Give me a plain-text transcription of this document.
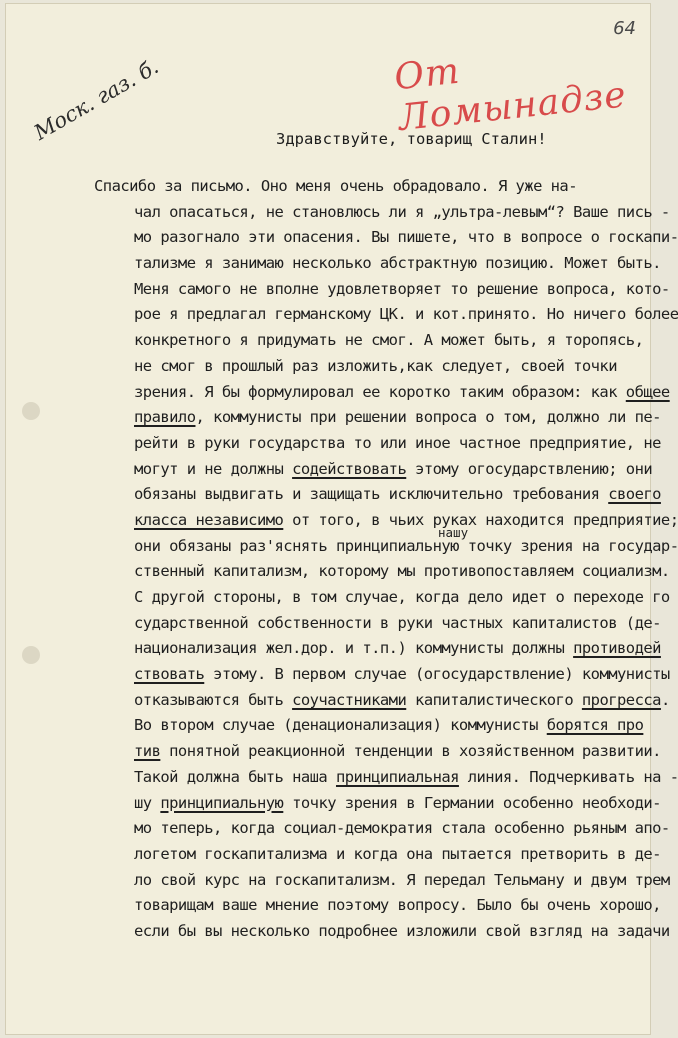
64
От Ломынадзе
Моск. газ. б.	Здравствуйте, товарищ Сталин!
нашу
Спасибо за письмо. Оно меня очень обрадовало. Я уже на-
чал опасаться, не становлюсь ли я „ультра-левым“? Ваше пись -
мо разогнало эти опасения. Вы пишете, что в вопросе о госкапи-
тализме я занимаю несколько абстрактную позицию. Может быть.
Меня самого не вполне удовлетворяет то решение вопроса, кото-
рое я предлагал германскому ЦК. и кот.принято. Но ничего более
конкретного я придумать не смог. А может быть, я торопясь,
не смог в прошлый раз изложить,как следует, своей точки
зрения. Я бы формулировал ее коротко таким образом: как общее
правило, коммунисты при решении вопроса о том, должно ли пе-
рейти в руки государства то или иное частное предприятие, не
могут и не должны содействовать этому огосударствлению; они
обязаны выдвигать и защищать исключительно требования своего
класса независимо от того, в чьих руках находится предприятие;
они обязаны раз'яснять принципиальную точку зрения на государ-
ственный капитализм, которому мы противопоставляем социализм.
С другой стороны, в том случае, когда дело идет о переходе го
сударственной собственности в руки частных капиталистов (де-
национализация жел.дор. и т.п.) коммунисты должны противодей
ствовать этому. В первом случае (огосударствление) коммунисты
отказываются быть соучастниками капиталистического прогресса.
Во втором случае (денационализация) коммунисты борятся про
тив понятной реакционной тенденции в хозяйственном развитии.
Такой должна быть наша принципиальная линия. Подчеркивать на -
шу принципиальную точку зрения в Германии особенно необходи-
мо теперь, когда социал-демократия стала особенно рьяным апо-
логетом госкапитализма и когда она пытается претворить в де-
ло свой курс на госкапитализм. Я передал Тельману и двум трем
товарищам ваше мнение поэтому вопросу. Было бы очень хорошо,
если бы вы несколько подробнее изложили свой взгляд на задачи
